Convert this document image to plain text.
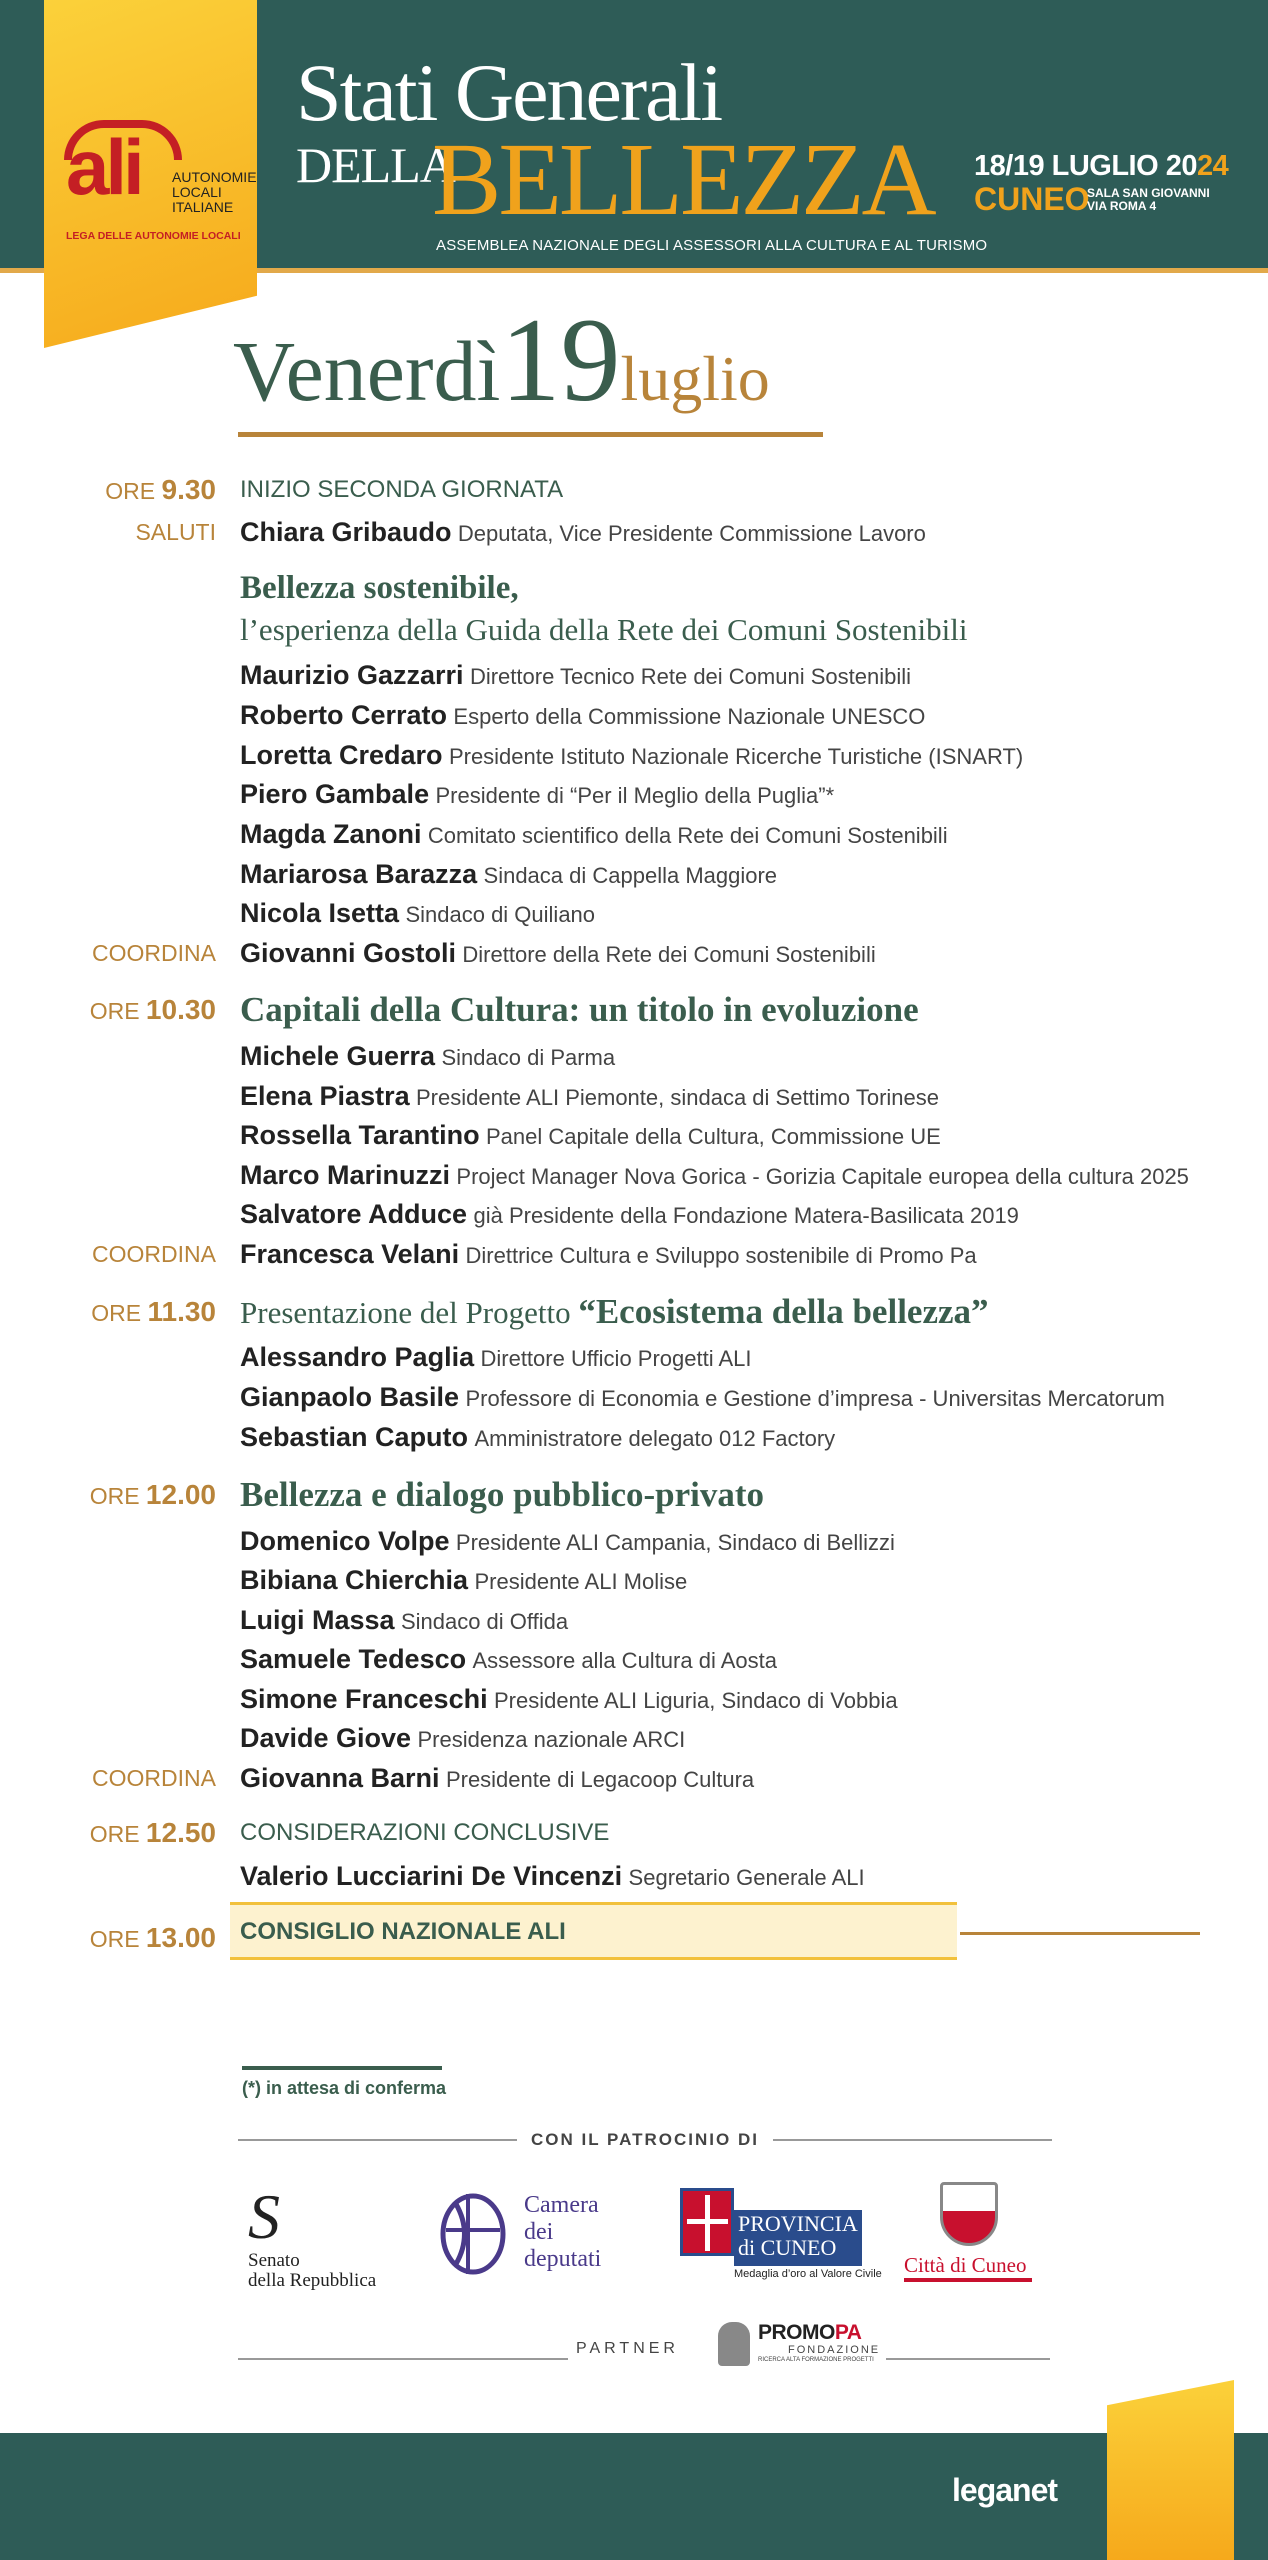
ali AUTONOMIE
LOCALI
ITALIANE
LEGA DELLE AUTONOMIE LOCALI
Stati Generali
DELLA
BELLEZZA
ASSEMBLEA NAZIONALE DEGLI ASSESSORI ALLA CULTURA E AL TURISMO
18/19 LUGLIO 2024
CUNEO
SALA SAN GIOVANNI
VIA ROMA 4
Venerdì19luglio
ORE 9.30 INIZIO SECONDA GIORNATA
SALUTI Chiara Gribaudo Deputata, Vice Presidente Commissione Lavoro
Bellezza sostenibile,
l’esperienza della Guida della Rete dei Comuni Sostenibili
Maurizio Gazzarri Direttore Tecnico Rete dei Comuni Sostenibili
Roberto Cerrato Esperto della Commissione Nazionale UNESCO
Loretta Credaro Presidente Istituto Nazionale Ricerche Turistiche (ISNART)
Piero Gambale Presidente di “Per il Meglio della Puglia”*
Magda Zanoni Comitato scientifico della Rete dei Comuni Sostenibili
Mariarosa Barazza Sindaca di Cappella Maggiore
Nicola Isetta Sindaco di Quiliano
COORDINA Giovanni Gostoli Direttore della Rete dei Comuni Sostenibili
ORE 10.30 Capitali della Cultura: un titolo in evoluzione
Michele Guerra Sindaco di Parma
Elena Piastra Presidente ALI Piemonte, sindaca di Settimo Torinese
Rossella Tarantino Panel Capitale della Cultura, Commissione UE
Marco Marinuzzi Project Manager Nova Gorica - Gorizia Capitale europea della cultura 2025
Salvatore Adduce già Presidente della Fondazione Matera-Basilicata 2019
COORDINA Francesca Velani Direttrice Cultura e Sviluppo sostenibile di Promo Pa
ORE 11.30 Presentazione del Progetto “Ecosistema della bellezza”
Alessandro Paglia Direttore Ufficio Progetti ALI
Gianpaolo Basile Professore di Economia e Gestione d’impresa - Universitas Mercatorum
Sebastian Caputo Amministratore delegato 012 Factory
ORE 12.00 Bellezza e dialogo pubblico-privato
Domenico Volpe Presidente ALI Campania, Sindaco di Bellizzi
Bibiana Chierchia Presidente ALI Molise
Luigi Massa Sindaco di Offida
Samuele Tedesco Assessore alla Cultura di Aosta
Simone Franceschi Presidente ALI Liguria, Sindaco di Vobbia
Davide Giove Presidenza nazionale ARCI
COORDINA Giovanna Barni Presidente di Legacoop Cultura
ORE 12.50 CONSIDERAZIONI CONCLUSIVE
Valerio Lucciarini De Vincenzi Segretario Generale ALI
ORE 13.00 CONSIGLIO NAZIONALE ALI
(*) in attesa di conferma
CON IL PATROCINIO DI
S
Senato
della Repubblica
Camera
dei
deputati
PROVINCIA
di CUNEO
Medaglia d’oro al Valore Civile Città di Cuneo
PARTNER
PROMOPA
FONDAZIONE
RICERCA ALTA FORMAZIONE PROGETTI
leganet
